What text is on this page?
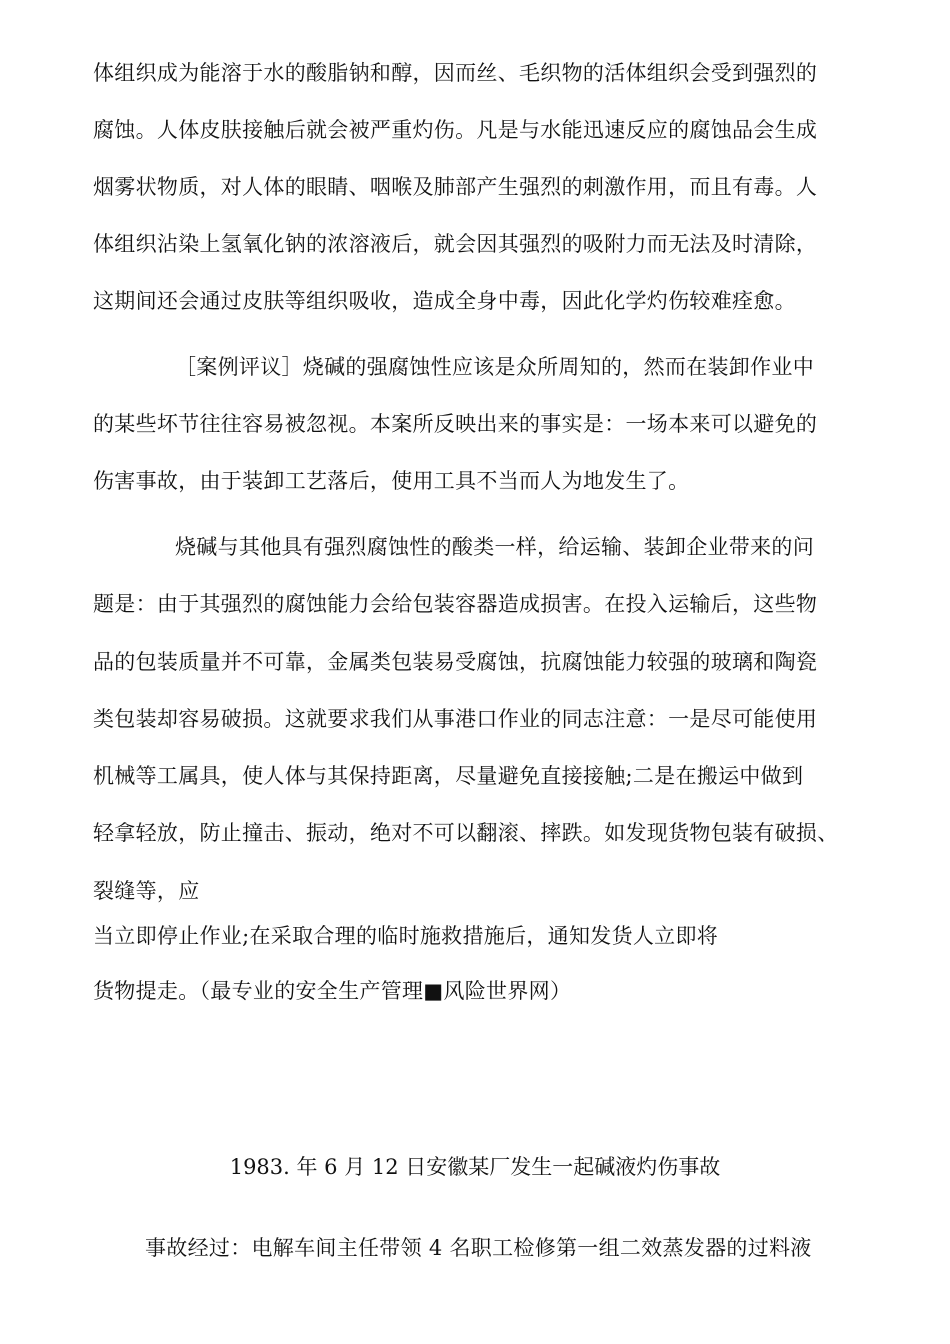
体组织成为能溶于水的酸脂钠和醇，因而丝、毛织物的活体组织会受到强烈的
腐蚀。人体皮肤接触后就会被严重灼伤。凡是与水能迅速反应的腐蚀品会生成
烟雾状物质，对人体的眼睛、咽喉及肺部产生强烈的刺激作用，而且有毒。人
体组织沾染上氢氧化钠的浓溶液后，就会因其强烈的吸附力而无法及时清除，
这期间还会通过皮肤等组织吸收，造成全身中毒，因此化学灼伤较难痊愈。
［案例评议］烧碱的强腐蚀性应该是众所周知的，然而在装卸作业中
的某些坏节往往容易被忽视。本案所反映出来的事实是：一场本来可以避免的
伤害事故，由于装卸工艺落后，使用工具不当而人为地发生了。
烧碱与其他具有强烈腐蚀性的酸类一样，给运输、装卸企业带来的问
题是：由于其强烈的腐蚀能力会给包装容器造成损害。在投入运输后，这些物
品的包装质量并不可靠，金属类包装易受腐蚀，抗腐蚀能力较强的玻璃和陶瓷
类包装却容易破损。这就要求我们从事港口作业的同志注意：一是尽可能使用
机械等工属具，使人体与其保持距离，尽量避免直接接触;二是在搬运中做到
轻拿轻放，防止撞击、振动，绝对不可以翻滚、摔跌。如发现货物包装有破损、
裂缝等，应
当立即停止作业;在采取合理的临时施救措施后，通知发货人立即将
货物提走。（最专业的安全生产管理■风险世界网）
1983. 年 6 月 12 日安徽某厂发生一起碱液灼伤事故
事故经过：电解车间主任带领 4 名职工检修第一组二效蒸发器的过料液
